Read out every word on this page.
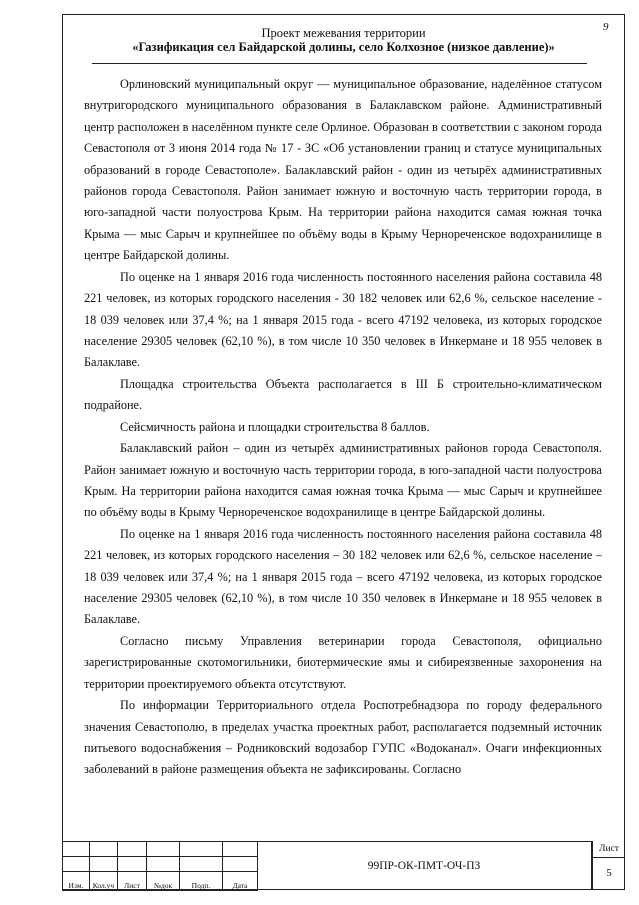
9
Проект межевания территории
«Газификация сел Байдарской долины, село Колхозное (низкое давление)»

Орлиновский муниципальный округ — муниципальное образование, наделённое статусом внутригородского муниципального образования в Балаклавском районе. Административный центр расположен в населённом пункте селе Орлиное. Образован в соответствии с законом города Севастополя от 3 июня 2014 года № 17 - ЗС «Об установлении границ и статусе муниципальных образований в городе Севастополе». Балаклавский район - один из четырёх административных районов города Севастополя. Район занимает южную и восточную часть территории города, в юго-западной части полуострова Крым. На территории района находится самая южная точка Крыма — мыс Сарыч и крупнейшее по объёму воды в Крыму Чернореченское водохранилище в центре Байдарской долины.

По оценке на 1 января 2016 года численность постоянного населения района составила 48 221 человек, из которых городского населения - 30 182 человек или 62,6 %, сельское население - 18 039 человек или 37,4 %; на 1 января 2015 года - всего 47192 человека, из которых городское население 29305 человек (62,10 %), в том числе 10 350 человек в Инкермане и 18 955 человек в Балаклаве.

Площадка строительства Объекта располагается в III Б строительно-климатическом подрайоне.

Сейсмичность района и площадки строительства 8 баллов.

Балаклавский район – один из четырёх административных районов города Севастополя. Район занимает южную и восточную часть территории города, в юго-западной части полуострова Крым. На территории района находится самая южная точка Крыма — мыс Сарыч и крупнейшее по объёму воды в Крыму Чернореченское водохранилище в центре Байдарской долины.

По оценке на 1 января 2016 года численность постоянного населения района составила 48 221 человек, из которых городского населения – 30 182 человек или 62,6 %, сельское население – 18 039 человек или 37,4 %; на 1 января 2015 года – всего 47192 человека, из которых городское население 29305 человек (62,10 %), в том числе 10 350 человек в Инкермане и 18 955 человек в Балаклаве.

Согласно письму Управления ветеринарии города Севастополя, официально зарегистрированные скотомогильники, биотермические ямы и сибиреязвенные захоронения на территории проектируемого объекта отсутствуют.

По информации Территориального отдела Роспотребнадзора по городу федерального значения Севастополю, в пределах участка проектных работ, располагается подземный источник питьевого водоснабжения – Родниковский водозабор ГУПС «Водоканал». Очаги инфекционных заболеваний в районе размещения объекта не зафиксированы. Согласно

Изм.	Кол.уч	Лист	№док	Подп.	Дата
99ПР-ОК-ПМТ-ОЧ-ПЗ
Лист
5
